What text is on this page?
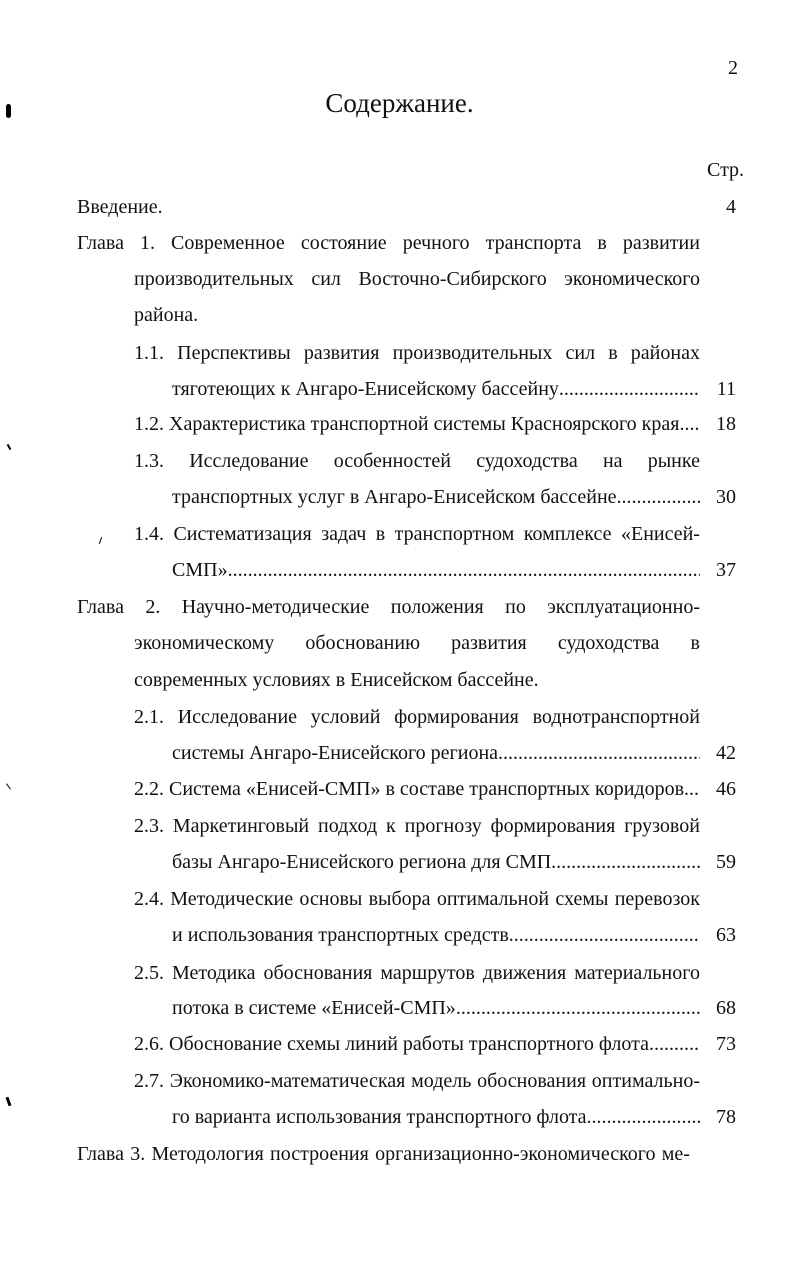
2
Содержание.
Стр.
Введение.	4
Глава 1. Современное состояние речного транспорта в развитии
производительных сил Восточно-Сибирского экономического
района.
1.1. Перспективы развития производительных сил в районах
тяготеющих к Ангаро-Енисейскому бассейну .....	11
1.2. Характеристика транспортной системы Красноярского края .....	18
1.3. Исследование особенностей судоходства на рынке
транспортных услуг в Ангаро-Енисейском бассейне .....	30
1.4. Систематизация задач в транспортном комплексе «Енисей-
СМП» .....	37
Глава 2. Научно-методические положения по эксплуатационно-
экономическому обоснованию развития судоходства в
современных условиях в Енисейском бассейне.
2.1. Исследование условий формирования воднотранспортной
системы Ангаро-Енисейского региона .....	42
2.2. Система «Енисей-СМП» в составе транспортных коридоров .....	46
2.3. Маркетинговый подход к прогнозу формирования грузовой
базы Ангаро-Енисейского региона для СМП .....	59
2.4. Методические основы выбора оптимальной схемы перевозок
и использования транспортных средств .....	63
2.5. Методика обоснования маршрутов движения материального
потока в системе «Енисей-СМП» .....	68
2.6. Обоснование схемы линий работы транспортного флота .....	73
2.7. Экономико-математическая модель обоснования оптимально-
го варианта использования транспортного флота .....	78
Глава 3. Методология построения организационно-экономического ме-
